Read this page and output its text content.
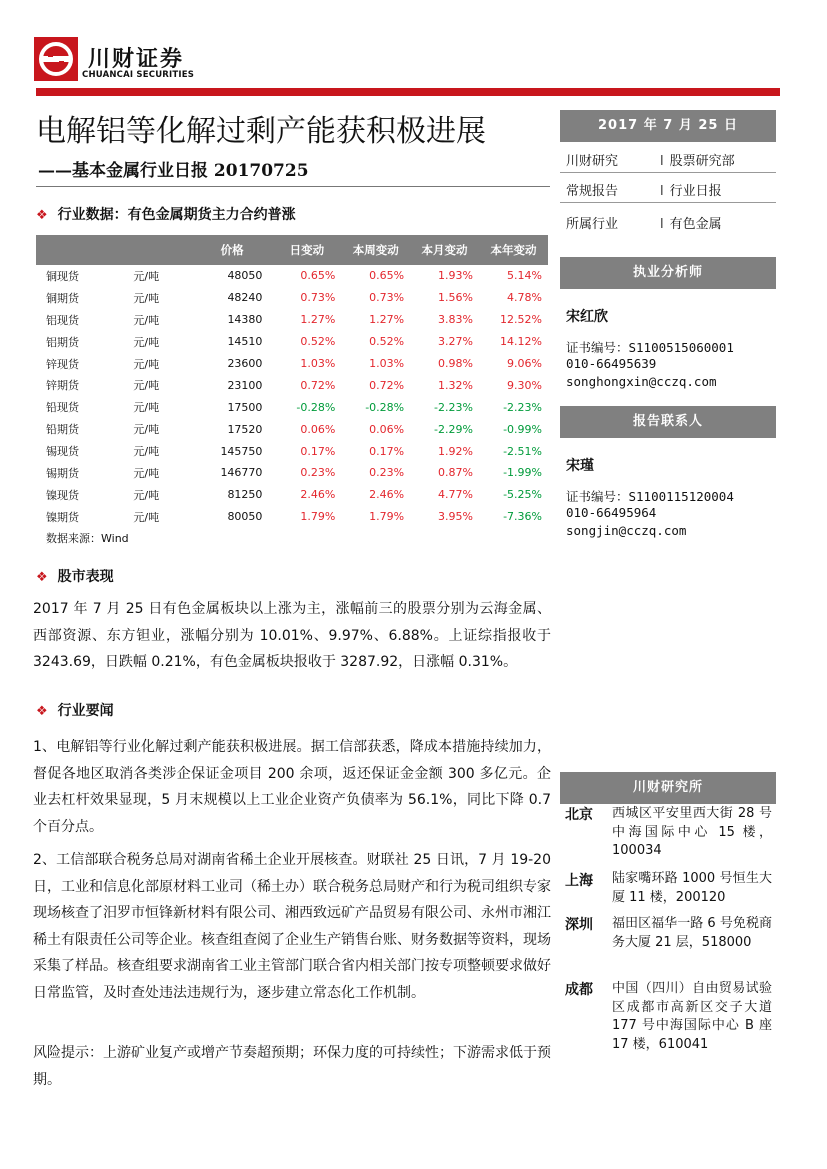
川财证券
CHUANCAI SECURITIES
电解铝等化解过剩产能获积极进展
——基本金属行业日报 20170725
❖ 行业数据：有色金属期货主力合约普涨
		价格	日变动	本周变动	本月变动	本年变动
铜现货	元/吨	48050	0.65%	0.65%	1.93%	5.14%
铜期货	元/吨	48240	0.73%	0.73%	1.56%	4.78%
铝现货	元/吨	14380	1.27%	1.27%	3.83%	12.52%
铝期货	元/吨	14510	0.52%	0.52%	3.27%	14.12%
锌现货	元/吨	23600	1.03%	1.03%	0.98%	9.06%
锌期货	元/吨	23100	0.72%	0.72%	1.32%	9.30%
铅现货	元/吨	17500	-0.28%	-0.28%	-2.23%	-2.23%
铅期货	元/吨	17520	0.06%	0.06%	-2.29%	-0.99%
锡现货	元/吨	145750	0.17%	0.17%	1.92%	-2.51%
锡期货	元/吨	146770	0.23%	0.23%	0.87%	-1.99%
镍现货	元/吨	81250	2.46%	2.46%	4.77%	-5.25%
镍期货	元/吨	80050	1.79%	1.79%	3.95%	-7.36%
数据来源：Wind
❖ 股市表现
2017 年 7 月 25 日有色金属板块以上涨为主，涨幅前三的股票分别为云海金属、西部资源、东方钽业，涨幅分别为 10.01%、9.97%、6.88%。上证综指报收于 3243.69，日跌幅 0.21%，有色金属板块报收于 3287.92，日涨幅 0.31%。
❖ 行业要闻
1、电解铝等行业化解过剩产能获积极进展。据工信部获悉，降成本措施持续加力，督促各地区取消各类涉企保证金项目 200 余项，返还保证金金额 300 多亿元。企业去杠杆效果显现，5 月末规模以上工业企业资产负债率为 56.1%，同比下降 0.7 个百分点。
2、工信部联合税务总局对湖南省稀土企业开展核查。财联社 25 日讯，7 月 19-20 日，工业和信息化部原材料工业司（稀土办）联合税务总局财产和行为税司组织专家现场核查了汨罗市恒锋新材料有限公司、湘西致远矿产品贸易有限公司、永州市湘江稀土有限责任公司等企业。核查组查阅了企业生产销售台账、财务数据等资料，现场采集了样品。核查组要求湖南省工业主管部门联合省内相关部门按专项整顿要求做好日常监管，及时查处违法违规行为，逐步建立常态化工作机制。
风险提示：上游矿业复产或增产节奏超预期；环保力度的可持续性；下游需求低于预期。
2017 年 7 月 25 日
川财研究	l 股票研究部
常规报告	l 行业日报
所属行业	l 有色金属
执业分析师
宋红欣
证书编号：S1100515060001
010-66495639
songhongxin@cczq.com
报告联系人
宋瑾
证书编号：S1100115120004
010-66495964
songjin@cczq.com
川财研究所
北京 西城区平安里西大街 28 号中海国际中心 15 楼，100034
上海 陆家嘴环路 1000 号恒生大厦 11 楼，200120
深圳 福田区福华一路 6 号免税商务大厦 21 层，518000
成都 中国（四川）自由贸易试验区成都市高新区交子大道 177 号中海国际中心 B 座 17 楼，610041
